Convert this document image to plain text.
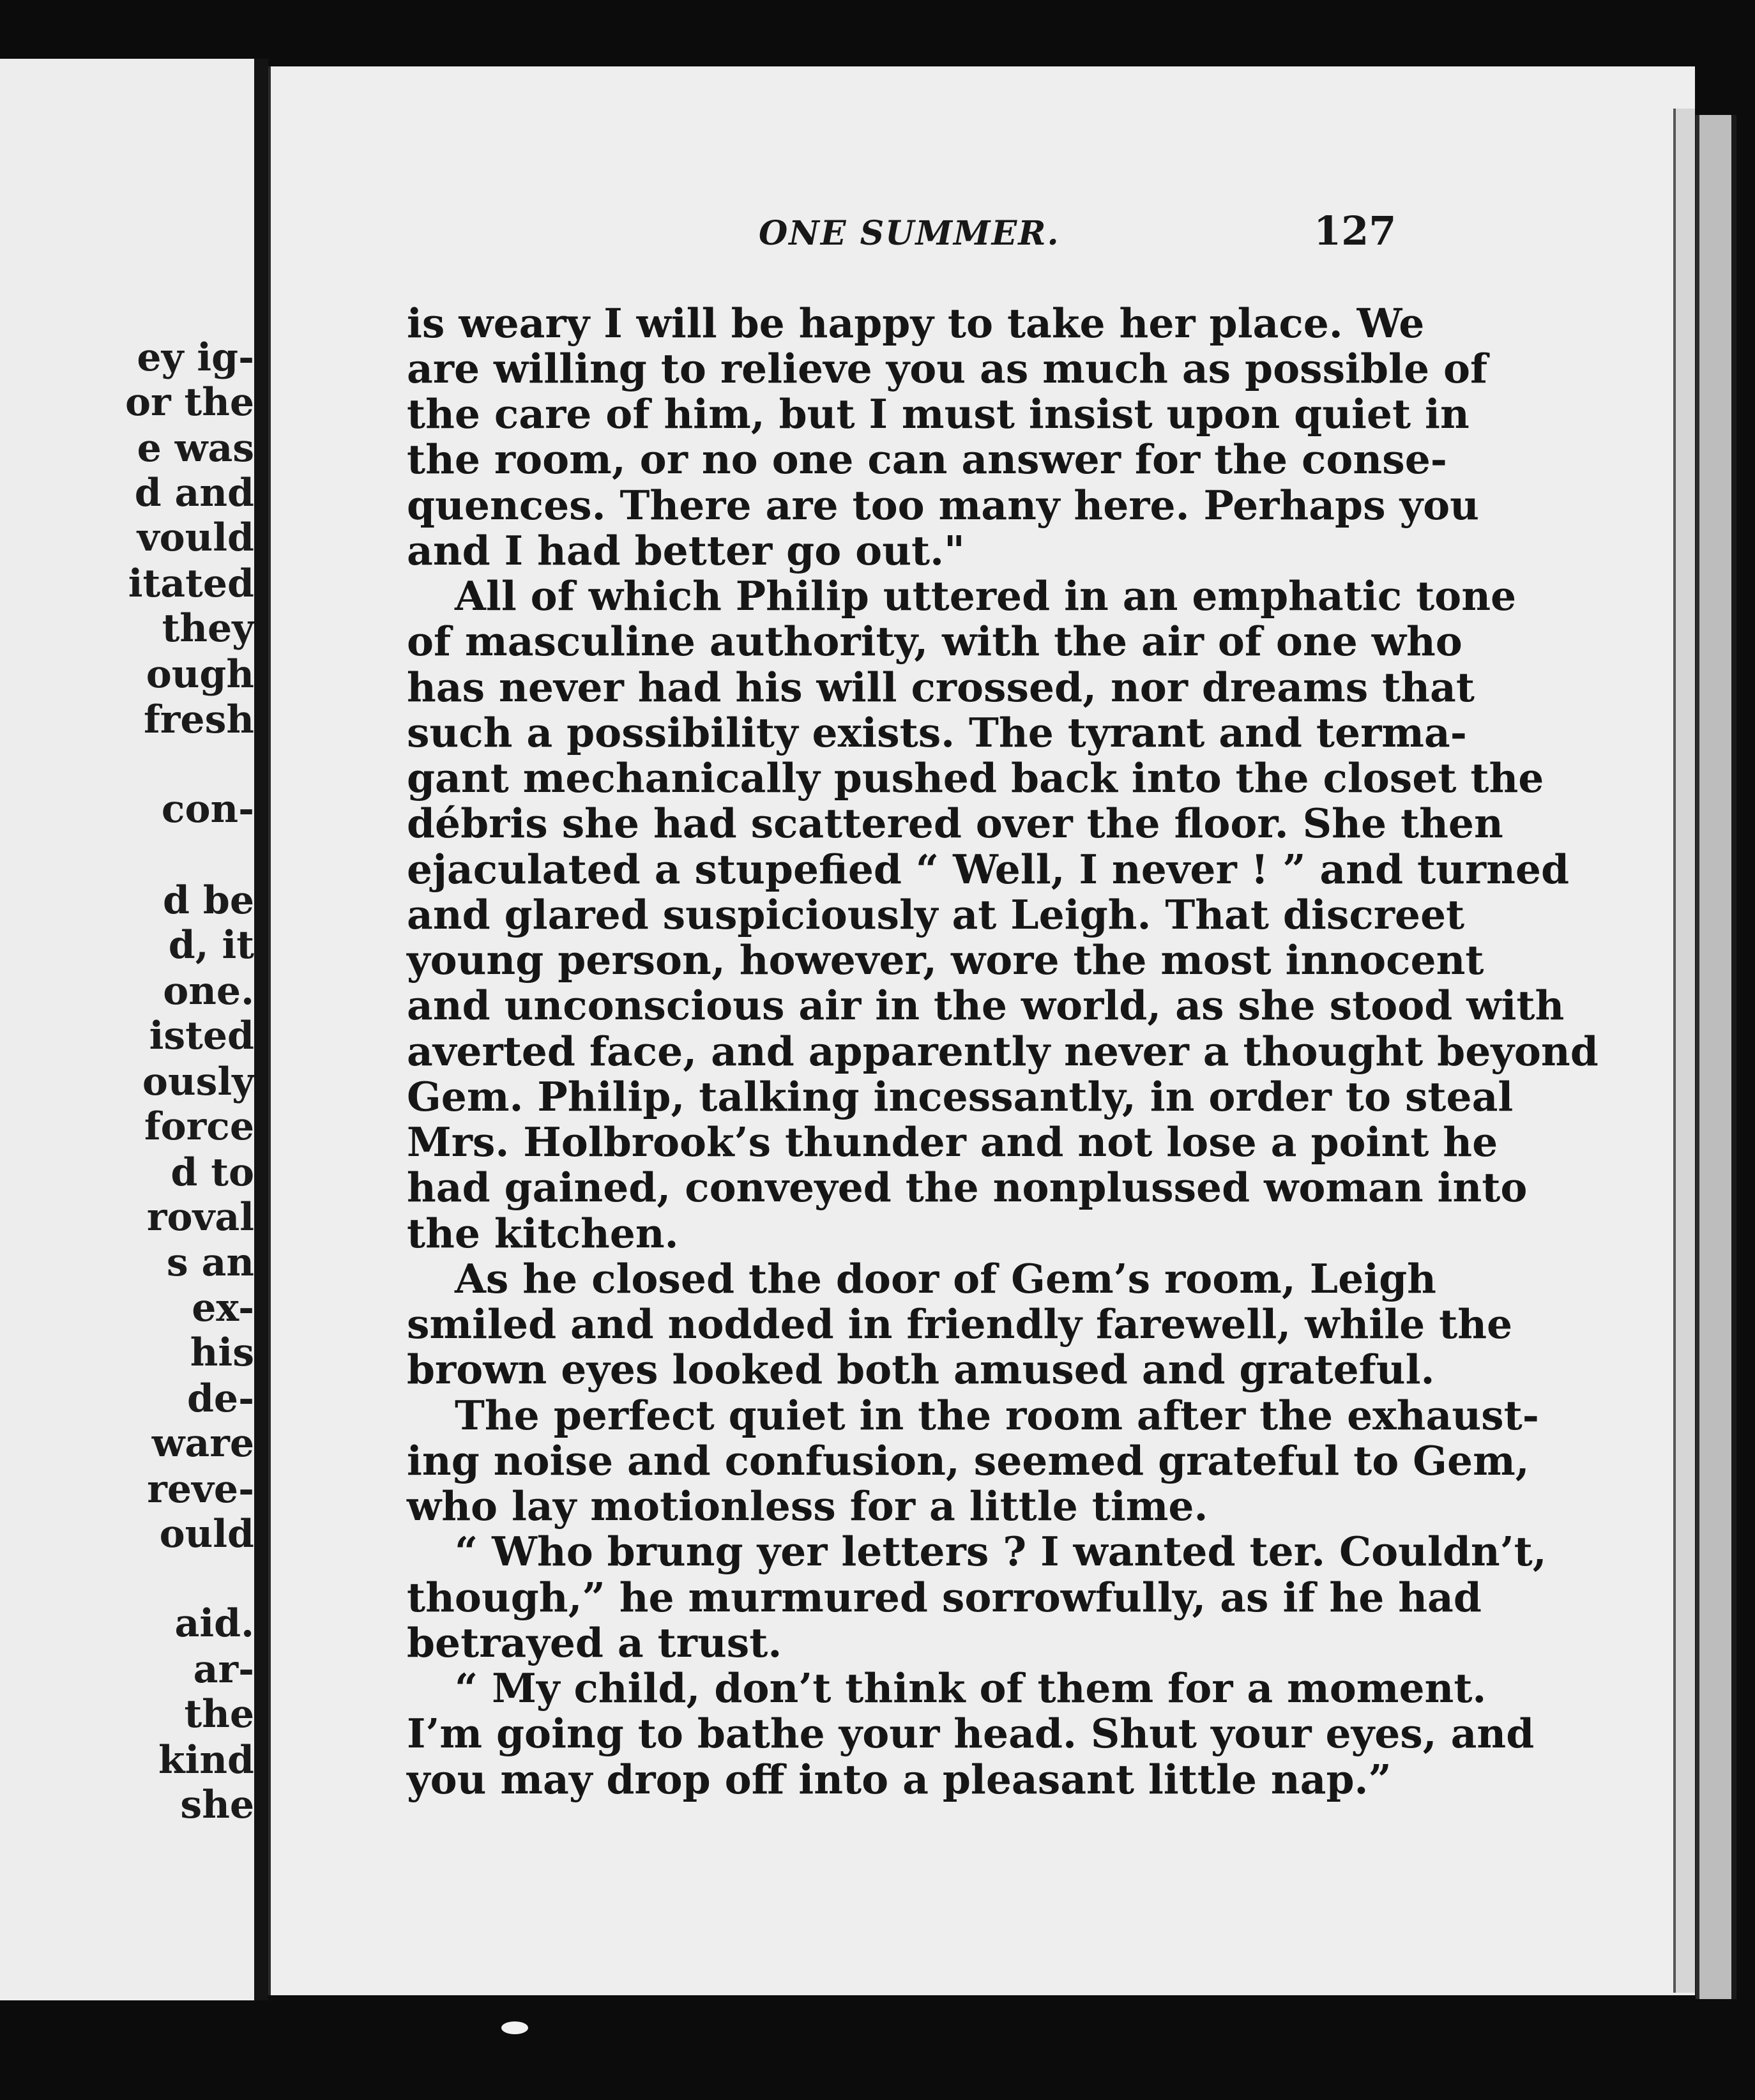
ey ig-
or the
e was
d and
vould
itated
they
ough
fresh
con-
d be
d, it
one.
isted
ously
force
d to
roval
s an
ex-
his
de-
ware
reve-
ould
aid.
ar-
the
kind
she
ONE SUMMER.	127
is weary I will be happy to take her place. We
are willing to relieve you as much as possible of
the care of him, but I must insist upon quiet in
the room, or no one can answer for the conse-
quences. There are too many here. Perhaps you
and I had better go out."
All of which Philip uttered in an emphatic tone
of masculine authority, with the air of one who
has never had his will crossed, nor dreams that
such a possibility exists. The tyrant and terma-
gant mechanically pushed back into the closet the
débris she had scattered over the floor. She then
ejaculated a stupefied “ Well, I never ! ” and turned
and glared suspiciously at Leigh. That discreet
young person, however, wore the most innocent
and unconscious air in the world, as she stood with
averted face, and apparently never a thought beyond
Gem. Philip, talking incessantly, in order to steal
Mrs. Holbrook’s thunder and not lose a point he
had gained, conveyed the nonplussed woman into
the kitchen.
As he closed the door of Gem’s room, Leigh
smiled and nodded in friendly farewell, while the
brown eyes looked both amused and grateful.
The perfect quiet in the room after the exhaust-
ing noise and confusion, seemed grateful to Gem,
who lay motionless for a little time.
“ Who brung yer letters ? I wanted ter. Couldn’t,
though,” he murmured sorrowfully, as if he had
betrayed a trust.
“ My child, don’t think of them for a moment.
I’m going to bathe your head. Shut your eyes, and
you may drop off into a pleasant little nap.”
